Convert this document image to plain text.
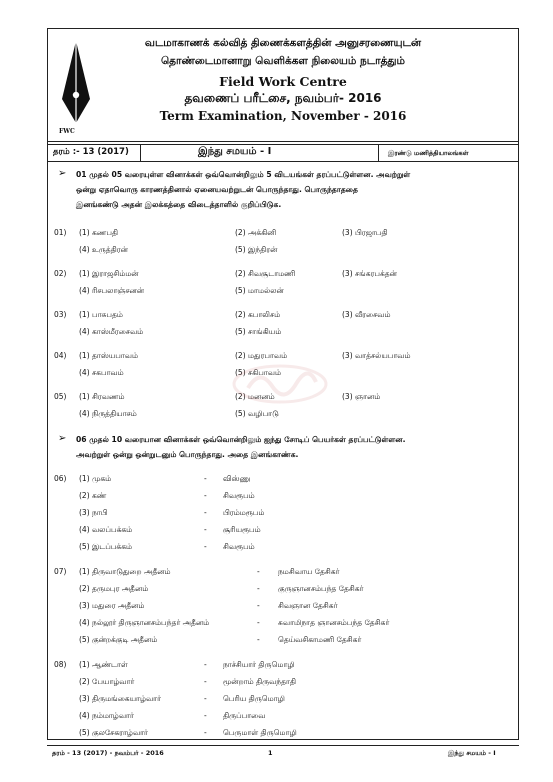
FWC
வடமாகாணக் கல்வித் திணைக்களத்தின் அனுசரணையுடன்
தொண்டைமானாறு வெளிக்கள நிலையம் நடாத்தும்
Field Work Centre
தவணைப் பரீட்சை, நவம்பர்- 2016
Term Examination, November - 2016
தரம் :- 13 (2017)	இந்து சமயம் - I	இரண்டு மணித்தியாலங்கள்
➢ 01 முதல் 05 வரையுள்ள வினாக்கள் ஒவ்வொன்றிலும் 5 விடயங்கள் தரப்பட்டுள்ளன. அவற்றுள்
ஒன்று ஏதாவொரு காரணத்தினால் ஏனையவற்றுடன் பொருந்தாது. பொருந்தாததை
இனங்கண்டு அதன் இலக்கத்தை விடைத்தாளில் குறிப்பிடுக.
01) (1) கணபதி	(2) அக்கினி	(3) பிரஜாபதி
(4) உருத்திரன்	(5) இந்திரன்
02) (1) இராஜசிம்மன்	(2) சிவசூடாமணி	(3) சங்கரபக்தன்
(4) ரிசபலாஞ்சனன்	(5) மாமல்லன்
03) (1) பாசுபதம்	(2) கபாலிசம்	(3) வீரசைவம்
(4) காஸ்மீரசைவம்	(5) சாங்கியம்
04) (1) தாஸ்யபாவம்	(2) மதுரபாவம்	(3) வாத்சல்யபாவம்
(4) சகபாவம்	(5) சகிபாவம்
05) (1) சிரவணம்	(2) மனனம்	(3) ஞானம்
(4) நிருத்தியாசம்	(5) வழிபாடு
➢ 06 முதல் 10 வரையான வினாக்கள் ஒவ்வொன்றிலும் ஐந்து சோடிப் பெயர்கள் தரப்பட்டுள்ளன.
அவற்றுள் ஒன்று ஒன்றுடனும் பொருந்தாது. அதை இனங்காண்க.
06) (1) முகம்	- விஸ்ணு
(2) கண்	- சிவரூபம்
(3) நாபி	- பிரம்மரூபம்
(4) வலப்பக்கம்	- சூரியரூபம்
(5) இடப்பக்கம்	- சிவரூபம்
07) (1) திருவாடுதுறை அதீனம்	- நமசிவாய தேசிகர்
(2) தருமபுர அதீனம்	- குருஞானசம்பந்த தேசிகர்
(3) மதுரை அதீனம்	- சிவஞான தேசிகர்
(4) நல்லூர் திருஞானசம்பந்தர் அதீனம்	- சுவாமிநாத ஞானசம்பந்த தேசிகர்
(5) குன்றக்குடி அதீனம்	- தெய்வசிகாமணி தேசிகர்
08) (1) ஆண்டாள்	- நாச்சியார் திருமொழி
(2) பேயாழ்வார்	- மூன்றாம் திருவந்தாதி
(3) திருமங்கையாழ்வார்	- பெரிய திருமொழி
(4) நம்மாழ்வார்	- திருப்பாவை
(5) குலசேகராழ்வார்	- பெருமாள் திருமொழி
தரம் - 13 (2017) - நவம்பர் - 2016	1	இந்து சமயம் - I
